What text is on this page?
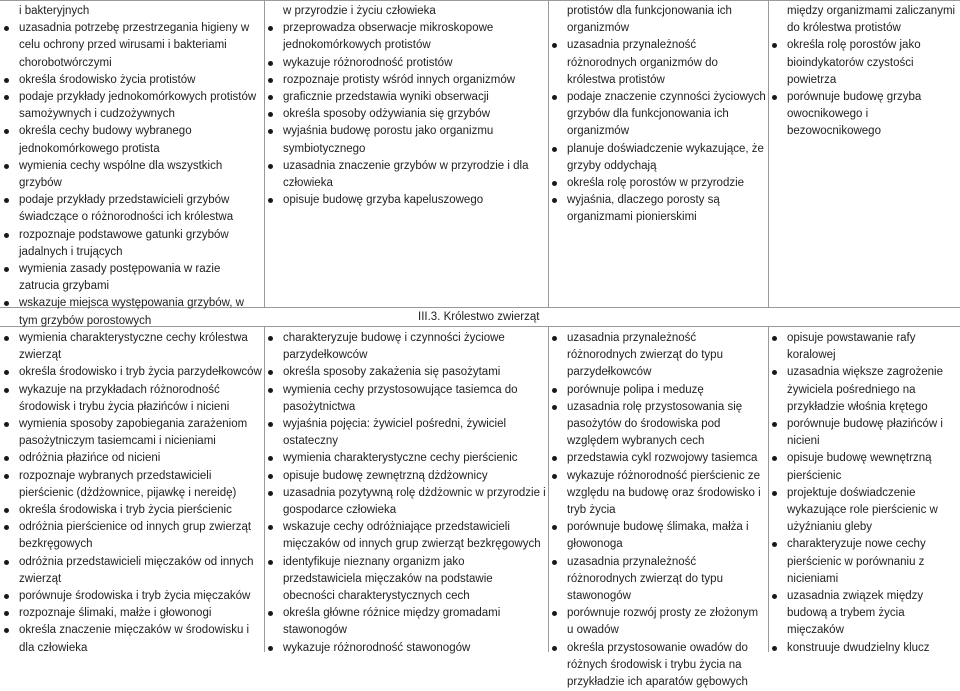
i bakteryjnych
uzasadnia potrzebę przestrzegania higieny w celu ochrony przed wirusami i bakteriami chorobotwórczymi
określa środowisko życia protistów
podaje przykłady jednokomórkowych protistów samożywnych i cudzożywnych
określa cechy budowy wybranego jednokomórkowego protista
wymienia cechy wspólne dla wszystkich grzybów
podaje przykłady przedstawicieli grzybów świadczące o różnorodności ich królestwa
rozpoznaje podstawowe gatunki grzybów jadalnych i trujących
wymienia zasady postępowania w razie zatrucia grzybami
wskazuje miejsca występowania grzybów, w tym grzybów porostowych
w przyrodzie i życiu człowieka
przeprowadza obserwacje mikroskopowe jednokomórkowych protistów
wykazuje różnorodność protistów
rozpoznaje protisty wśród innych organizmów
graficznie przedstawia wyniki obserwacji
określa sposoby odżywiania się grzybów
wyjaśnia budowę porostu jako organizmu symbiotycznego
uzasadnia znaczenie grzybów w przyrodzie i dla człowieka
opisuje budowę grzyba kapeluszowego
protistów dla funkcjonowania ich organizmów
uzasadnia przynależność różnorodnych organizmów do królestwa protistów
podaje znaczenie czynności życiowych grzybów dla funkcjonowania ich organizmów
planuje doświadczenie wykazujące, że grzyby oddychają
określa rolę porostów w przyrodzie
wyjaśnia, dlaczego porosty są organizmami pionierskimi
między organizmami zaliczanymi do królestwa protistów
określa rolę porostów jako bioindykatorów czystości powietrza
porównuje budowę grzyba owocnikowego i bezowocnikowego
III.3. Królestwo zwierząt
wymienia charakterystyczne cechy królestwa zwierząt
określa środowisko i tryb życia parzydełkowców
wykazuje na przykładach różnorodność środowisk i trybu życia płazińców i nicieni
wymienia sposoby zapobiegania zarażeniom pasożytniczym tasiemcami i nicieniami
odróżnia płazińce od nicieni
rozpoznaje wybranych przedstawicieli pierścienic (dżdżownice, pijawkę i nereidę)
określa środowiska i tryb życia pierścienic
odróżnia pierścienice od innych grup zwierząt bezkręgowych
odróżnia przedstawicieli mięczaków od innych zwierząt
porównuje środowiska i tryb życia mięczaków
rozpoznaje ślimaki, małże i głowonogi
określa znaczenie mięczaków w środowisku i dla człowieka
charakteryzuje budowę i czynności życiowe parzydełkowców
określa sposoby zakażenia się pasożytami
wymienia cechy przystosowujące tasiemca do pasożytnictwa
wyjaśnia pojęcia: żywiciel pośredni, żywiciel ostateczny
wymienia charakterystyczne cechy pierścienic
opisuje budowę zewnętrzną dżdżownicy
uzasadnia pozytywną rolę dżdżownic w przyrodzie i gospodarce człowieka
wskazuje cechy odróżniające przedstawicieli mięczaków od innych grup zwierząt bezkręgowych
identyfikuje nieznany organizm jako przedstawiciela mięczaków na podstawie obecności charakterystycznych cech
określa główne różnice między gromadami stawonogów
wykazuje różnorodność stawonogów
uzasadnia przynależność różnorodnych zwierząt do typu parzydełkowców
porównuje polipa i meduzę
uzasadnia rolę przystosowania się pasożytów do środowiska pod względem wybranych cech
przedstawia cykl rozwojowy tasiemca
wykazuje różnorodność pierścienic ze względu na budowę oraz środowisko i tryb życia
porównuje budowę ślimaka, małża i głowonoga
uzasadnia przynależność różnorodnych zwierząt do typu stawonogów
porównuje rozwój prosty ze złożonym u owadów
określa przystosowanie owadów do różnych środowisk i trybu życia na przykładzie ich aparatów gębowych
opisuje powstawanie rafy koralowej
uzasadnia większe zagrożenie żywiciela pośredniego na przykładzie włośnia krętego
porównuje budowę płazińców i nicieni
opisuje budowę wewnętrzną pierścienic
projektuje doświadczenie wykazujące role pierścienic w użyźnianiu gleby
charakteryzuje nowe cechy pierścienic w porównaniu z nicieniami
uzasadnia związek między budową a trybem życia mięczaków
konstruuje dwudzielny klucz
